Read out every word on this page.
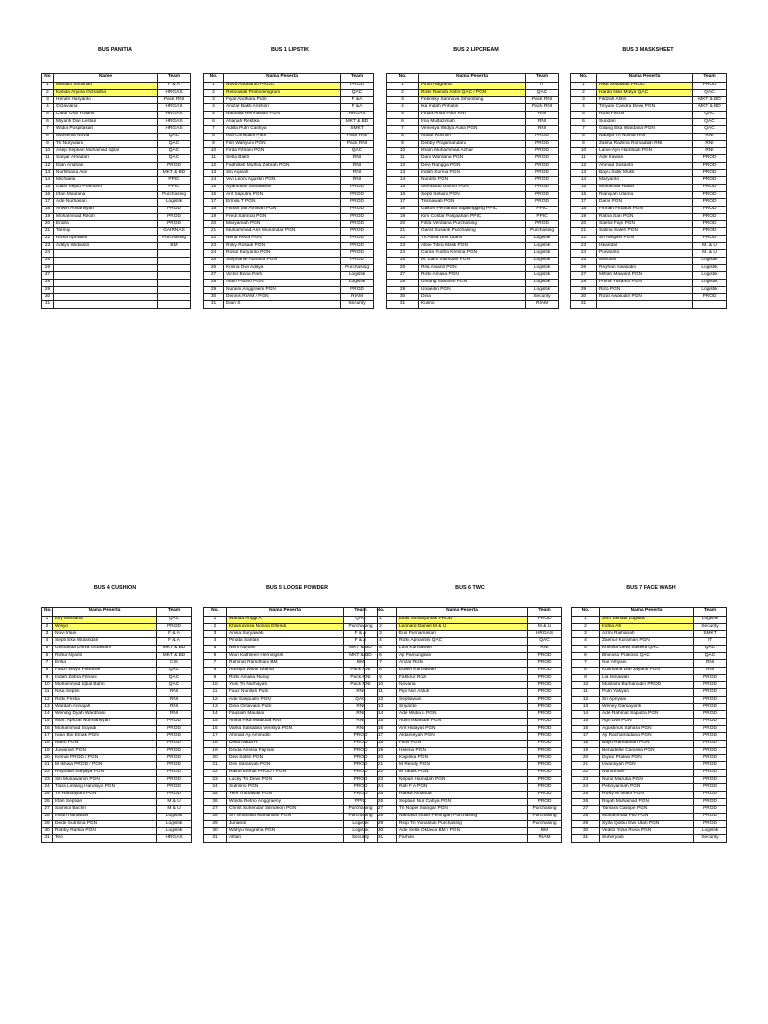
BUS PANITIA
No	Name	Team
1	Maratin Sholihah	F & A
2	Kanda Arjuna Octradha	HRGAS
3	Hendri Haryanto	Pack RNI
4	Octaviana	HRGAS
5	Catur Uffa Yulianti	HRGAS
6	Miyanti Dwi Lestari	HRGAS
7	Widia Puspitasari	HRGAS
8	Marsenia Novia	QAC
9	Tri Nuryulani	QAC
10	Asep Septian Muhamad Iqbal	QAC
11	Sanjar Afriadari	QAC
12	Dian Andrian	PROD
13	Nurfitriana Aini	MKT & BD
14	Michaela	PPIC
15	Galih Septo Pramono	PPIC
16	Irfan Maulana	Purchasing
17	Ade Nurhasan	Logistik
18	Ahwin Ahsansyah	PROD
19	Mohammad Rikoh	PROD
20	Endra	PROD
21	Tarmiji	GAIRNAS
22	Rizka Aprilliani	Purchasing
23	Adityo Widianto	BM
24		
25		
26		
27		
28		
29		
30		
31		
BUS 1 LIPSTIK
No.	Nama Peserta	Team
1	Nova Andrianto PROD	PROD
2	Retnowati Probonimgrum	QAC
3	Fiyal Andhara Putri	F &A
4	Anizar Bakti Anshori	F &A
5	Nathalia Hermawan PGN	HRGAS
6	Afianah Restika	MKT & BD
7	Adilla Putri Cantiya	SMKT
8	Isfa Christiani Putri	Pack RNI
9	Fitri Wahyuni PGN	Pack RNI
10	Firda Fitriani PGN	QAC
11	Setia Bakti	RNI
12	Fadhillah Muthia Zahrah PGN	RNI
13	Siti Aqsiah	RNI
14	Vivi Leoni Agustin PGN	RNI
15	Syarifudin Sunaawan	PROD
16	Arif Saputra PGN	PROD
17	Ermila T PGN	PROD
18	Fitriah Siti Aminah PGN	PROD
19	Fredi Sahroal PGN	PROD
20	Maryamah PGN	PROD
21	Muhammad Aris Munandar PGN	PROD
22	Nena Reza PGN	PROD
23	Roky Rosadi PGN	PROD
24	Rosul Karyanto PGN	PROD
25	Stephanie Adriana PGN	PROD
26	Krisna Dwi Aditya	Purchasing
27	Victor Bona Parti	Logistik
28	Alam Pitono PGN	Logistik
29	Nuraini Anggraeni PGN	PROD
30	Dennis RIAM / PGN	RIAM
31	Dian S	Security
BUS 2 LIPCREAM
No.	Nama Peserta	Team
1	Pinto Nugraha	IT
2	Rizki Ramdo Arifin QAC / PGN	QAC
3	Febrisky Sannova Sihombing	Pack RNI
4	Ika Indah Prihatin	Pack RNI
5	Finda Ariati Putri RNI	RNI
6	Ima Mulfazimah	RNI
7	Venesya Widya Aulia PGN	RNI
8	Abdul Rochim	PROD
9	Debby Prajamandani	PROD
10	Ilham Muhammad Azhar	PROD
11	Dani Wardana PGN	PROD
12	Devi Rangga PGN	PROD
13	Indah Kurnia PGN	PROD
14	Nurafni PGN	PROD
15	Sembodo Utomo PGN	PROD
16	Septi Setiani PGN	PROD
17	Trisnawati PGN	PROD
18	Gakon Pernando Sigalingging PPIC	PPIC
19	Kim Costar Pasjaahan PPIC	PPIC
20	Fitifa Verdiana Purchasing	PROD
21	Garat Susanti Purchasing	Purchasing
22	Tri Anita Umi Utami	Logistik
23	Albie Tibra Malik PGN	Logistik
24	Carira Yudha Kresna PGN	Logistik
25	M. Zaini Sukridah PGN	Logistik
26	Rifa Avianti PGN	Logistik
27	Rizki Amalia PGN	Logistik
28	Untung Santoso PGN	Logistik
29	Unaedin PGN	Logistik
30	Dina	Security
31	Kusno	RIAM
BUS 3 MASKSHEET
No.	Nama Peserta	Team
1	Rika Setiawati PROD	PROD
2	Hardo Nan Mulya QAC	QAC
3	Fildzah Afifiri	MKT & BD
4	Tinyani Candra Dewi PGN	MKT & BD
5	Rizal Fachri	QAC
6	Sundari	QAC
7	Gilang Eka Wardana PGN	QAC
8	Nadiya Tri Novita RNI	RNI
9	Zalma Razlina Romadlah RNI	RNI
10	Lanie Ayn Hambadi PGN	RNI
11	Ade Irawan	PROD
12	Ahmad Susanto	PROD
13	Bayu Sidik Mukti	PROD
14	Maryanto	PROD
15	Mohamad Haidir	PROD
16	Rianiyah Utama	PROD
17	Dami PGN	PROD
18	Firman Firdaus PGN	PROD
19	Ratna Sari PGN	PROD
20	Saeful Fajri PGN	PROD
21	Salma Saleh PGN	PROD
22	Sri Ningsih PGN	PROD
23	Iskandar	M. & U
24	Purwanto	M. & U
25	Mardian	Logistik
26	Reyhan Awaludin	Logistik
27	Miftah Maward PGN	Logistik
28	Prima Yusanto PGN	Logistik
29	Rizo PGN	Logistik
30	Rizal Awaludin PGN	PROD
31		
BUS 4 CUSHION
No.	Nama Peserta	Team
1	Elly Martiana	QAC
2	Wisyo	PROD
3	Novi Irlani	F & A
4	Septi Eka Wulandari	F & A
5	Ghinanda Dhiva Octaviani	MKT & BD
6	Rizka Nyanti	MKT & BD
7	Erika	CIS
8	Fauzi Setyo Pandhini	QAC
9	Indah Zahra Fitriani	QAC
10	Muhammad Iqbal Bahri	QAC
11	Nisa Septin	RNI
12	Rizki Fristia	RNI
13	Wardah Annajah	RNI
14	Wening Dyah Wardhani	RNI
15	Muh. Aprizal Nurmansyah	PROD
16	Muhammad Suyadi	PROD
17	Iwan Bin Emak PGN	PROD
18	Iwam PGN	PROD
19	Juwariah PGN	PROD
20	Kemal PROD / PGN	PROD
21	M Ikhwa PROD / PGN	PROD
22	Roynaldi Sanjaya PGN	PROD
23	Siti Munawaroh PGN	PROD
24	Tiara Lintang Handoyo PGN	PROD
25	Tri Handayani PGN	PROD
26	Irfan Septian	M & U
27	Samsul Bachri	M & U
28	Ihsan Hanawan	Logistik
29	Dede Sutrisna PGN	Logistik
30	Robby Rarkia PGN	Logistik
31	Teo	HRGAS
BUS 5 LOOSE POWDER
No.	Nama Peserta	Team
1	Wanda Anggi A	QAC
2	Khairunnisa Nonna Effendi	Purchasing
3	Anisa Suryawati	F & A
4	Pinata Santari	F & A
5	Neni Nuraini	MKT & BD
6	Wuri Kathleen Herningsih	MKT & BD
7	Rahmat Ramdhani BM	BM
8	Adhitya Widhi Utama	Pack RNI
9	Rizki Amalia Nuray	Pack RNI
10	Yuni Tri Nurhayati	Pack RNI
11	Fauz Nurillah Putri	RNI
12	Ade Saepudin PGN	QAC
13	Dina Octaviani Putri	RNI
14	Fausiah Maulani	RNI
15	Ariffia Fika Mauluda RNI	RNI
16	Varka Salsabila Veristya PGN	RNI
17	Ahmad Aji Amirudin	PROD
18	Delia Nada R	PROD
19	Dinda Annisa Fajriani	PROD
20	Dea Safitri PGN	PROD
21	Dini Sarasvati PGN	PROD
22	Hairul Efendi PROD / PGN	PROD
23	Lucky Tri Dewi PGN	PROD
24	Sutrisno PGN	PROD
25	Yeni Trunawati PGN	PROD
26	Winda Retno Anggraeny	PPIC
27	Christ Suhendar Silindeon PGN	Purchasing
28	Sri Vinantika Mahandini PGN	Purchasing
29	Junaedi	Logistik
30	Wahyu Nugraha PGN	Logistik
31	Alfian	Security
BUS 6 TWC
No.	Nama Peserta	Team
1	Elias Simanjuntak PROD	PROD
2	Leonard Daniel M & U	M & U
3	Eus Purnamasari	HRGAS
4	Rizki Apriantini QAC	QAC
5	Lutfi Kurniawan	RNI
6	Aji Pamungkas	PROD
7	Anzar Rizki	PROD
8	Edwin Kurniawan	PROD
9	Fahkrur Rozi	PROD
10	Novana	PROD
11	Pipi Nur Astuti	PROD
12	Septiawan	PROD
13	Sriyanto	PROD
14	Ade Widia L PGN	PROD
15	Adini Iskandar PGN	PROD
16	Arif Hidayat PGN	PROD
17	Aktaresyah PGN	PROD
18	Fitris PGN	PROD
19	Helena PGN	PROD
20	Kapirika PGN	PROD
21	M Rendy PGN	PROD
22	M Taufik PGN	PROD
23	Nepah Hamidah PGN	PROD
24	Rafi F A PGN	PROD
25	Rafika Amanda	PROD
26	Septian Nur Cahya PGN	PROD
27	Tri Nopel Siangar PGN	Purchasing
28	Nathasa Indah Peningan Purchasing	Purchasing
29	Riop Tri Yunastuti Purchasing	Purchasing
30	Ade Sella Oktavia BM / PGN	BM
31	Farhan	RIAM
BUS 7 FACE WASH
No.	Nama Peserta	Team
1	Jefri Sehadi Logistik	Logistik
2	Indria AS	Security
3	Azmi Raihanah	SMKT
4	Zaenur Kuraman PGN	IT
5	Khinina Dewi Sukekti QAC	QAC
6	Bhinoso Prakoso QAC	QAC
7	Nur Affiyani	RNI
8	Kusmana Dwi Jayanti PGN	RNI
9	Lia Ismawati	PROD
10	Mustoifa Burhanudin PROD	PROD
11	Putri Yahyan	PROD
12	Sri Apriyani	PROD
13	Weney Damayanti	PROD
14	Ade Rahmat Saputra PGN	PROD
15	Agh Dwi PGN	PROD
16	Agustinus Sahara PGN	PROD
17	Aji Rachamadana PGN	PROD
18	Bayu Ramadhan PGN	PROD
19	Benadette Camelia PGN	PROD
20	Diyan Pratiwi PGN	PROD
21	Irwansyah PGN	PROD
22	Nurohman	PROD
23	Nurul Maruba PGN	PROD
24	Pebriyansah PGN	PROD
25	Rizky M Ilham PGN	PROD
26	Rojah Muhamad PGN	PROD
27	Tamara Caliope PGN	PROD
28	Muhammad Pilo PGN	PROD
29	Syifa Qolbu Dwi Utari PGN	PROD
30	Vedito Yosa Rosa PGN	Logistik
31	Suheryadi	Security
